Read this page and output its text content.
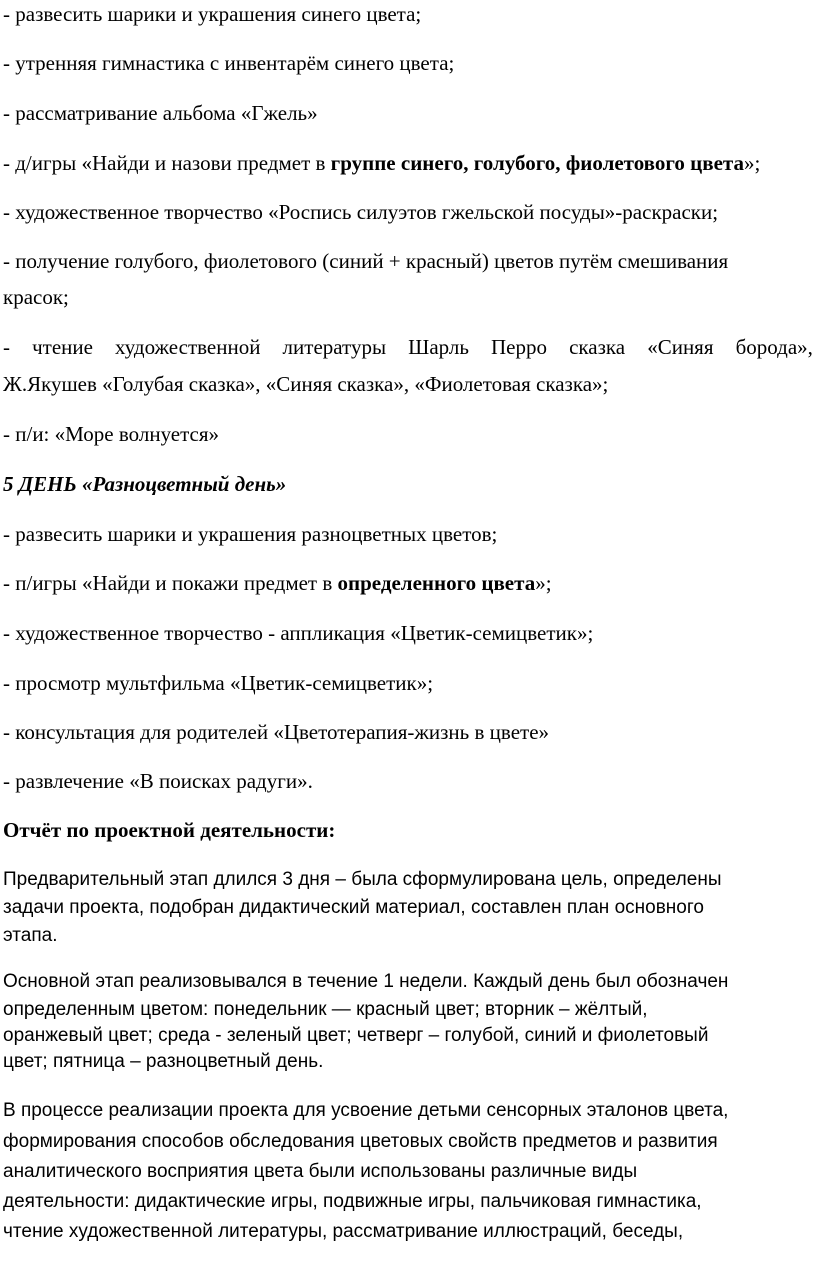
- развесить шарики и украшения синего цвета;
- утренняя гимнастика с инвентарём синего цвета;
- рассматривание альбома «Гжель»
- д/игры «Найди и назови предмет в группе синего, голубого, фиолетового цвета»;
- художественное творчество «Роспись силуэтов гжельской посуды»-раскраски;
- получение голубого, фиолетового (синий + красный) цветов путём смешивания
красок;
- чтение художественной литературы Шарль Перро сказка «Синяя борода»,
Ж.Якушев «Голубая сказка», «Синяя сказка», «Фиолетовая сказка»;
- п/и: «Море волнуется»
5 ДЕНЬ «Разноцветный день»
- развесить шарики и украшения разноцветных цветов;
- п/игры «Найди и покажи предмет в определенного цвета»;
- художественное творчество - аппликация «Цветик-семицветик»;
- просмотр мультфильма «Цветик-семицветик»;
- консультация для родителей «Цветотерапия-жизнь в цвете»
- развлечение «В поисках радуги».
Отчёт по проектной деятельности:
Предварительный этап длился 3 дня – была сформулирована цель, определены
задачи проекта, подобран дидактический материал, составлен план основного
этапа.
Основной этап реализовывался в течение 1 недели. Каждый день был обозначен
определенным цветом: понедельник — красный цвет; вторник – жёлтый,
оранжевый цвет; среда - зеленый цвет; четверг – голубой, синий и фиолетовый
цвет; пятница – разноцветный день.
В процессе реализации проекта для усвоение детьми сенсорных эталонов цвета,
формирования способов обследования цветовых свойств предметов и развития
аналитического восприятия цвета были использованы различные виды
деятельности: дидактические игры, подвижные игры, пальчиковая гимнастика,
чтение художественной литературы, рассматривание иллюстраций, беседы,
